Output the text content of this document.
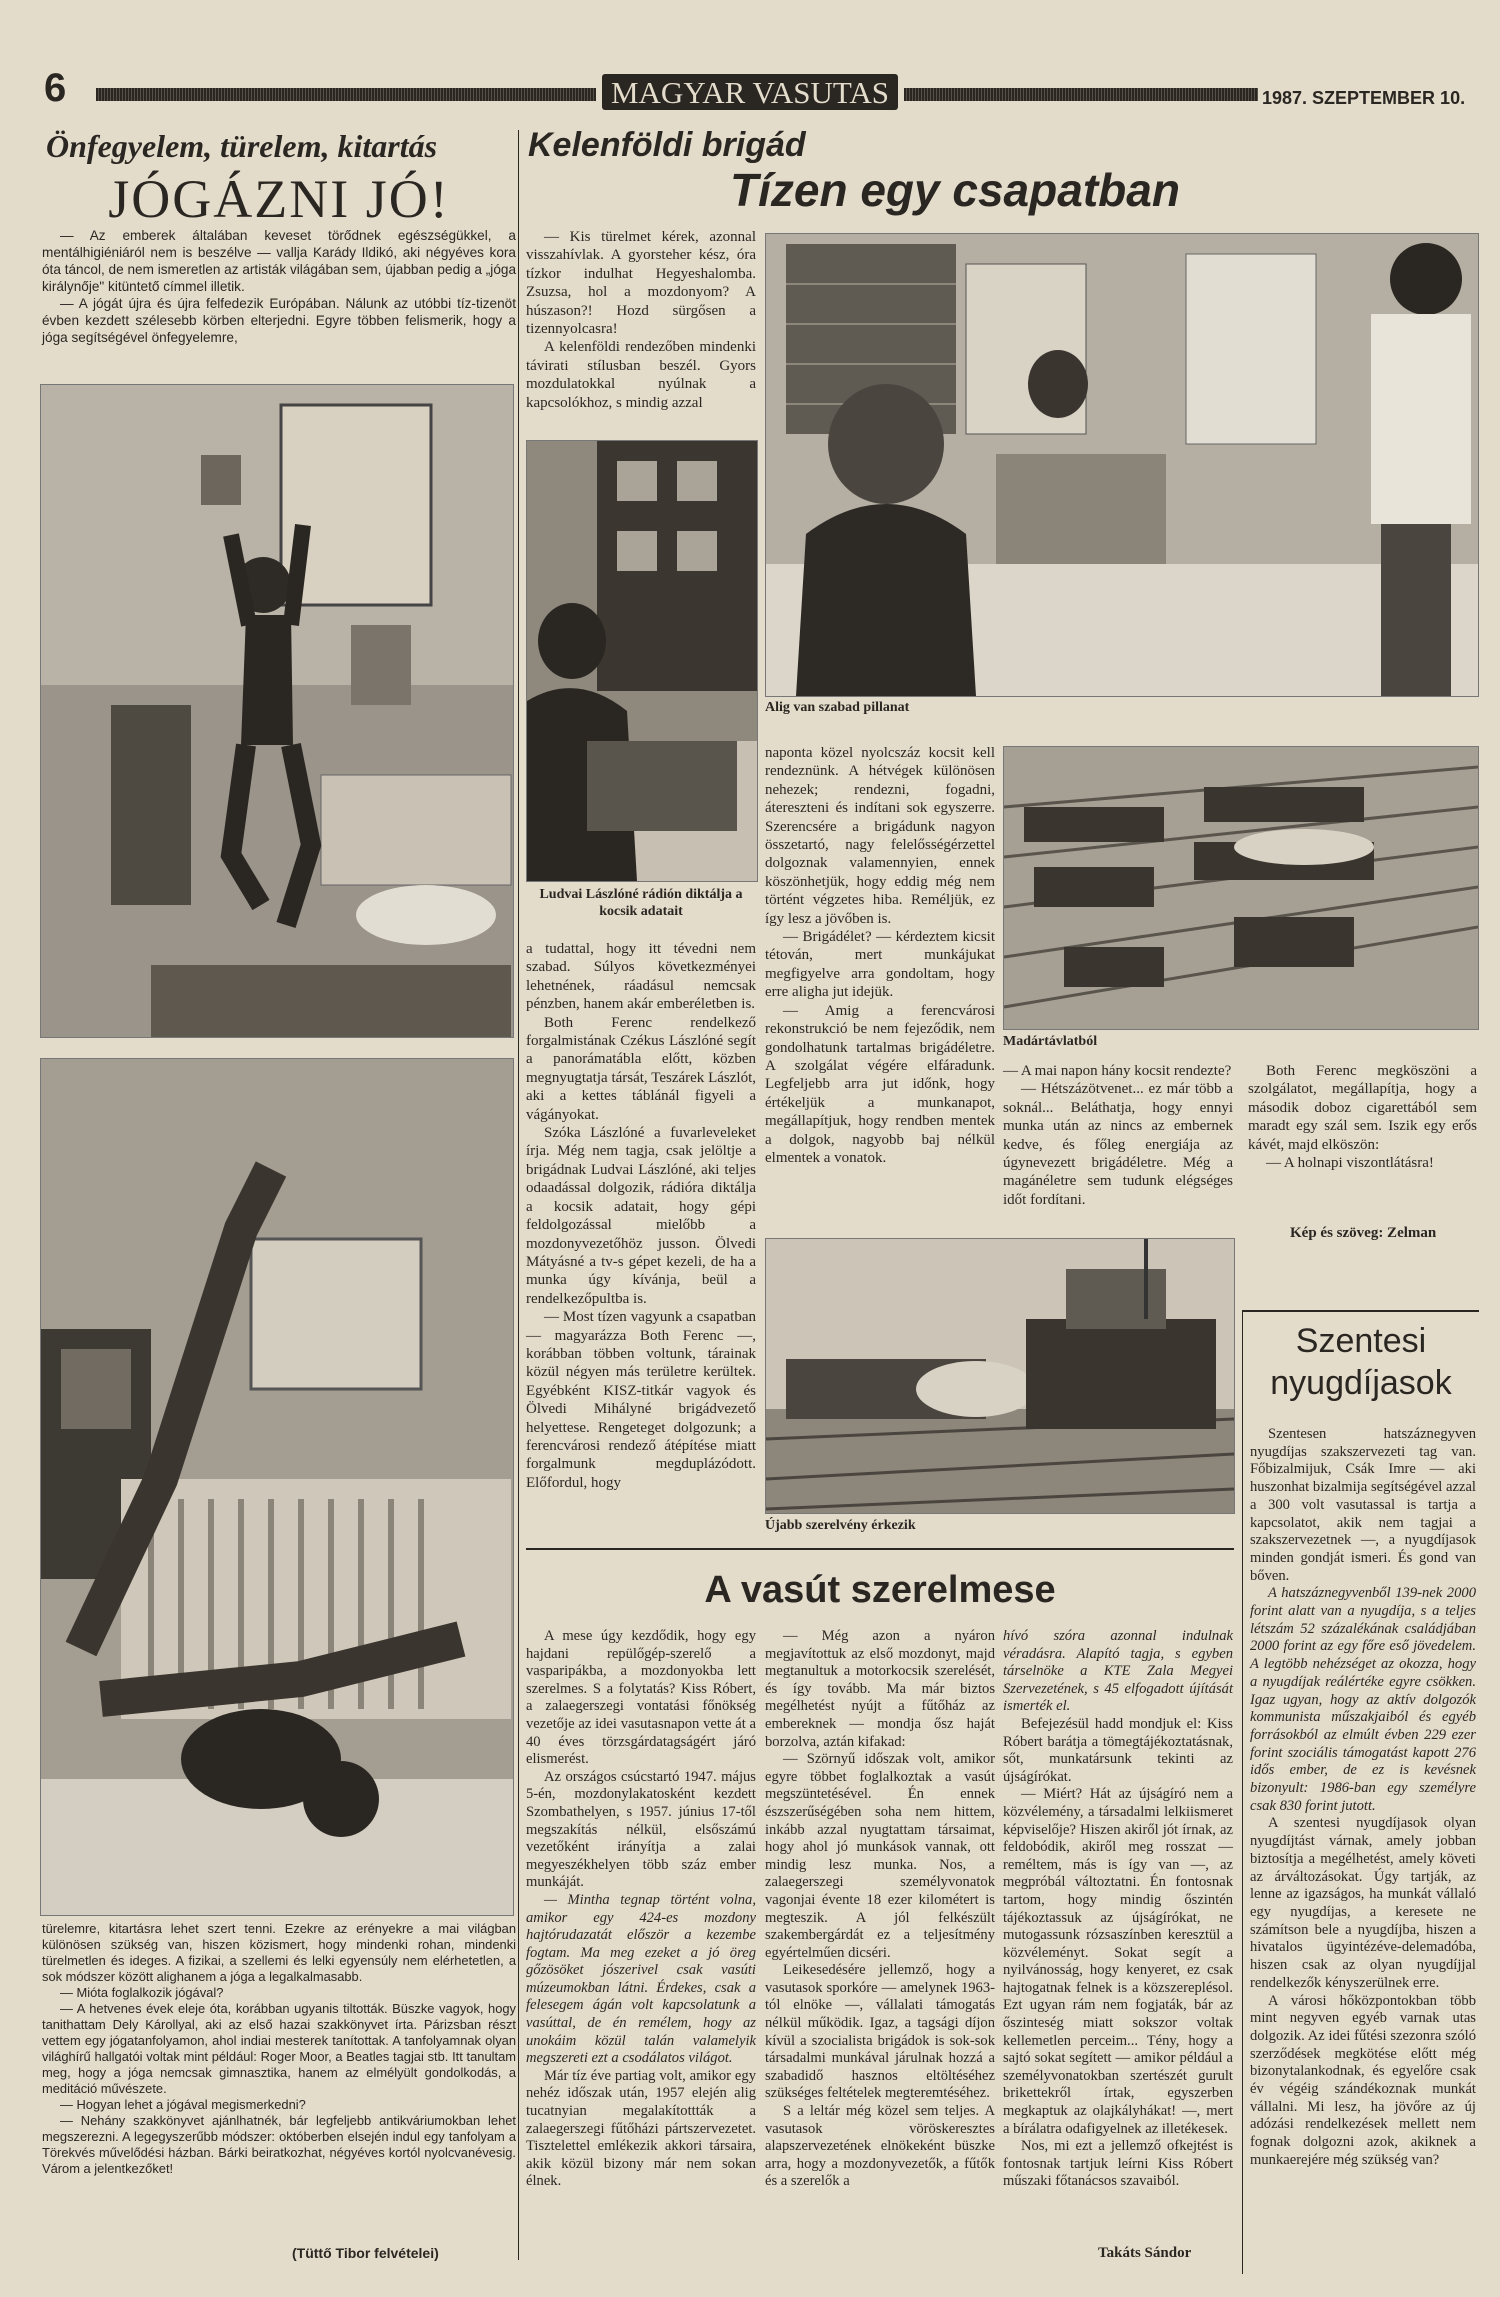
6	MAGYAR VASUTAS	1987. SZEPTEMBER 10.
Önfegyelem, türelem, kitartás
JÓGÁZNI JÓ!

— Az emberek általában keveset törődnek egészségükkel, a mentálhigiéniáról nem is beszélve — vallja Karády Ildikó, aki négyéves kora óta táncol, de nem ismeretlen az artisták világában sem, újabban pedig a „jóga királynője" kitüntető címmel illetik.

— A jógát újra és újra felfedezik Európában. Nálunk az utóbbi tíz-tizenöt évben kezdett szélesebb körben elterjedni. Egyre többen felismerik, hogy a jóga segítségével önfegyelemre,

türelemre, kitartásra lehet szert tenni. Ezekre az erényekre a mai világban különösen szükség van, hiszen közismert, hogy mindenki rohan, mindenki türelmetlen és ideges. A fizikai, a szellemi és lelki egyensúly nem elérhetetlen, a sok módszer között alighanem a jóga a legalkalmasabb.

— Mióta foglalkozik jógával?

— A hetvenes évek eleje óta, korábban ugyanis tiltották. Büszke vagyok, hogy tanithattam Dely Károllyal, aki az első hazai szakkönyvet írta. Párizsban részt vettem egy jógatanfolyamon, ahol indiai mesterek tanítottak. A tanfolyamnak olyan világhírű hallgatói voltak mint például: Roger Moor, a Beatles tagjai stb. Itt tanultam meg, hogy a jóga nemcsak gimnasztika, hanem az elmélyült gondolkodás, a meditáció művészete.

— Hogyan lehet a jógával megismerkedni?

— Nehány szakkönyvet ajánlhatnék, bár legfeljebb antikváriumokban lehet megszerezni. A legegyszerűbb módszer: októberben elsején indul egy tanfolyam a Törekvés művelődési házban. Bárki beiratkozhat, négyéves kortól nyolcvanévesig. Várom a jelentkezőket!

(Tüttő Tibor felvételei)
Kelenföldi brigád
Tízen egy csapatban

— Kis türelmet kérek, azonnal visszahívlak. A gyorsteher kész, óra tízkor indulhat Hegyeshalomba. Zsuzsa, hol a mozdonyom? A húszason?! Hozd sürgősen a tizennyolcasra!

A kelenföldi rendezőben mindenki távirati stílusban beszél. Gyors mozdulatokkal nyúlnak a kapcsolókhoz, s mindig azzal

Alig van szabad pillanat
Ludvai Lászlóné rádión diktálja a kocsik adatait

a tudattal, hogy itt tévedni nem szabad. Súlyos következményei lehetnének, ráadásul nemcsak pénzben, hanem akár emberéletben is.

Both Ferenc rendelkező forgalmistának Czékus Lászlóné segít a panorámatábla előtt, közben megnyugtatja társát, Teszárek Lászlót, aki a kettes táblánál figyeli a vágányokat.

Szóka Lászlóné a fuvarleveleket írja. Még nem tagja, csak jelöltje a brigádnak Ludvai Lászlóné, aki teljes odaadással dolgozik, rádióra diktálja a kocsik adatait, hogy gépi feldolgozással mielőbb a mozdonyvezetőhöz jusson. Ölvedi Mátyásné a tv-s gépet kezeli, de ha a munka úgy kívánja, beül a rendelkezőpultba is.

— Most tízen vagyunk a csapatban — magyarázza Both Ferenc —, korábban többen voltunk, tárainak közül négyen más területre kerültek. Egyébként KISZ-titkár vagyok és Ölvedi Mihályné brigádvezető helyettese. Rengeteget dolgozunk; a ferencvárosi rendező átépítése miatt forgalmunk megduplázódott. Előfordul, hogy

naponta közel nyolcszáz kocsit kell rendeznünk. A hétvégek különösen nehezek; rendezni, fogadni, átereszteni és indítani sok egyszerre. Szerencsére a brigádunk nagyon összetartó, nagy felelősségérzettel dolgoznak valamennyien, ennek köszönhetjük, hogy eddig még nem történt végzetes hiba. Reméljük, ez így lesz a jövőben is.

— Brigádélet? — kérdeztem kicsit tétován, mert munkájukat megfigyelve arra gondoltam, hogy erre aligha jut idejük.

— Amig a ferencvárosi rekonstrukció be nem fejeződik, nem gondolhatunk tartalmas brigádéletre. A szolgálat végére elfáradunk. Legfeljebb arra jut időnk, hogy értékeljük a munkanapot, megállapítjuk, hogy rendben mentek a dolgok, nagyobb baj nélkül elmentek a vonatok.

Madártávlatból

— A mai napon hány kocsit rendezte?

— Hétszázötvenet... ez már több a soknál... Beláthatja, hogy ennyi munka után az nincs az embernek kedve, és főleg energiája az úgynevezett brigádéletre. Még a magánéletre sem tudunk elégséges időt fordítani.

Both Ferenc megköszöni a szolgálatot, megállapítja, hogy a második doboz cigarettából sem maradt egy szál sem. Iszik egy erős kávét, majd elköszön:

— A holnapi viszontlátásra!

Kép és szöveg: Zelman
Újabb szerelvény érkezik
Szentesi nyugdíjasok

Szentesen hatszáznegyven nyugdíjas szakszervezeti tag van. Főbizalmijuk, Csák Imre — aki huszonhat bizalmija segítségével azzal a 300 volt vasutassal is tartja a kapcsolatot, akik nem tagjai a szakszervezetnek —, a nyugdíjasok minden gondját ismeri. És gond van bőven.

A hatszáznegyvenből 139-nek 2000 forint alatt van a nyugdíja, s a teljes létszám 52 százalékának családjában 2000 forint az egy főre eső jövedelem. A legtöbb nehézséget az okozza, hogy a nyugdíjak reálértéke egyre csökken. Igaz ugyan, hogy az aktív dolgozók kommunista műszakjaiból és egyéb forrásokból az elmúlt évben 229 ezer forint szociális támogatást kapott 276 idős ember, de ez is kevésnek bizonyult: 1986-ban egy személyre csak 830 forint jutott.

A szentesi nyugdíjasok olyan nyugdíjtást várnak, amely jobban biztosítja a megélhetést, amely követi az árváltozásokat. Úgy tartják, az lenne az igazságos, ha munkát vállaló egy nyugdíjas, a keresete ne számítson bele a nyugdíjba, hiszen a hivatalos ügyintézéve-delemadóba, hiszen csak az olyan nyugdíjjal rendelkezők kényszerülnek erre.

A városi hőközpontokban több mint negyven egyéb varnak utas dolgozik. Az idei fűtési szezonra szóló szerződések megkötése előtt még bizonytalankodnak, és egyelőre csak év végéig szándékoznak munkát vállalni. Mi lesz, ha jövőre az új adózási rendelkezések mellett nem fognak dolgozni azok, akiknek a munkaerejére még szükség van?

A vasút szerelmese

A mese úgy kezdődik, hogy egy hajdani repülőgép-szerelő a vasparipákba, a mozdonyokba lett szerelmes. S a folytatás? Kiss Róbert, a zalaegerszegi vontatási főnökség vezetője az idei vasutasnapon vette át a 40 éves törzsgárdatagságért járó elismerést.

Az országos csúcstartó 1947. május 5-én, mozdonylakatosként kezdett Szombathelyen, s 1957. június 17-től megszakítás nélkül, elsőszámú vezetőként irányítja a zalai megyeszékhelyen több száz ember munkáját.

— Mintha tegnap történt volna, amikor egy 424-es mozdony hajtórudazatát először a kezembe fogtam. Ma meg ezeket a jó öreg gőzösöket jószerivel csak vasúti múzeumokban látni. Érdekes, csak a felesegem ágán volt kapcsolatunk a vasúttal, de én remélem, hogy az unokáim közül talán valamelyik megszereti ezt a csodálatos világot.

Már tíz éve partiag volt, amikor egy nehéz időszak után, 1957 elején alig tucatnyian megalakítottták a zalaegerszegi fűtőházi pártszervezetet. Tisztelettel emlékezik akkori társaira, akik közül bizony már nem sokan élnek.

— Még azon a nyáron megjavítottuk az első mozdonyt, majd megtanultuk a motorkocsik szerelését, és így tovább. Ma már biztos megélhetést nyújt a fűtőház az embereknek — mondja ősz haját borzolva, aztán kifakad:

— Szörnyű időszak volt, amikor egyre többet foglalkoztak a vasút megszüntetésével. Én ennek észszerűségében soha nem hittem, inkább azzal nyugtattam társaimat, hogy ahol jó munkások vannak, ott mindig lesz munka. Nos, a zalaegerszegi személyvonatok vagonjai évente 18 ezer kilométert is megteszik. A jól felkészült szakembergárdát ez a teljesítmény egyértelműen dicséri.

Leikesedésére jellemző, hogy a vasutasok sporkóre — amelynek 1963-tól elnöke —, vállalati támogatás nélkül működik. Igaz, a tagsági díjon kívül a szocialista brigádok is sok-sok társadalmi munkával járulnak hozzá a szabadidő hasznos eltöltéséhez szükséges feltételek megteremtéséhez.

S a leltár még közel sem teljes. A vasutasok vöröskeresztes alapszervezetének elnökeként büszke arra, hogy a mozdonyvezetők, a fűtők és a szerelők a

hívó szóra azonnal indulnak véradásra. Alapító tagja, s egyben társelnöke a KTE Zala Megyei Szervezetének, s 45 elfogadott újítását ismerték el.

Befejezésül hadd mondjuk el: Kiss Róbert barátja a tömegtájékoztatásnak, sőt, munkatársunk tekinti az újságírókat.

— Miért? Hát az újságíró nem a közvélemény, a társadalmi lelkiismeret képviselője? Hiszen akiről jót írnak, az feldobódik, akiről meg rosszat — reméltem, más is így van —, az megpróbál változtatni. Én fontosnak tartom, hogy mindig őszintén tájékoztassuk az újságírókat, ne mutogassunk rózsaszínben keresztül a közvéleményt. Sokat segít a nyilvánosság, hogy kenyeret, ez csak hajtogatnak felnek is a közszereplésol. Ezt ugyan rám nem fogjaták, bár az őszinteség miatt sokszor voltak kellemetlen perceim... Tény, hogy a sajtó sokat segített — amikor például a személyvonatokban szertészét gurult brikettekről írtak, egyszerben megkaptuk az olajkályhákat! —, mert a bírálatra odafigyelnek az illetékesek.

Nos, mi ezt a jellemző ofkejtést is fontosnak tartjuk leírni Kiss Róbert műszaki főtanácsos szavaiból.

Takáts Sándor
